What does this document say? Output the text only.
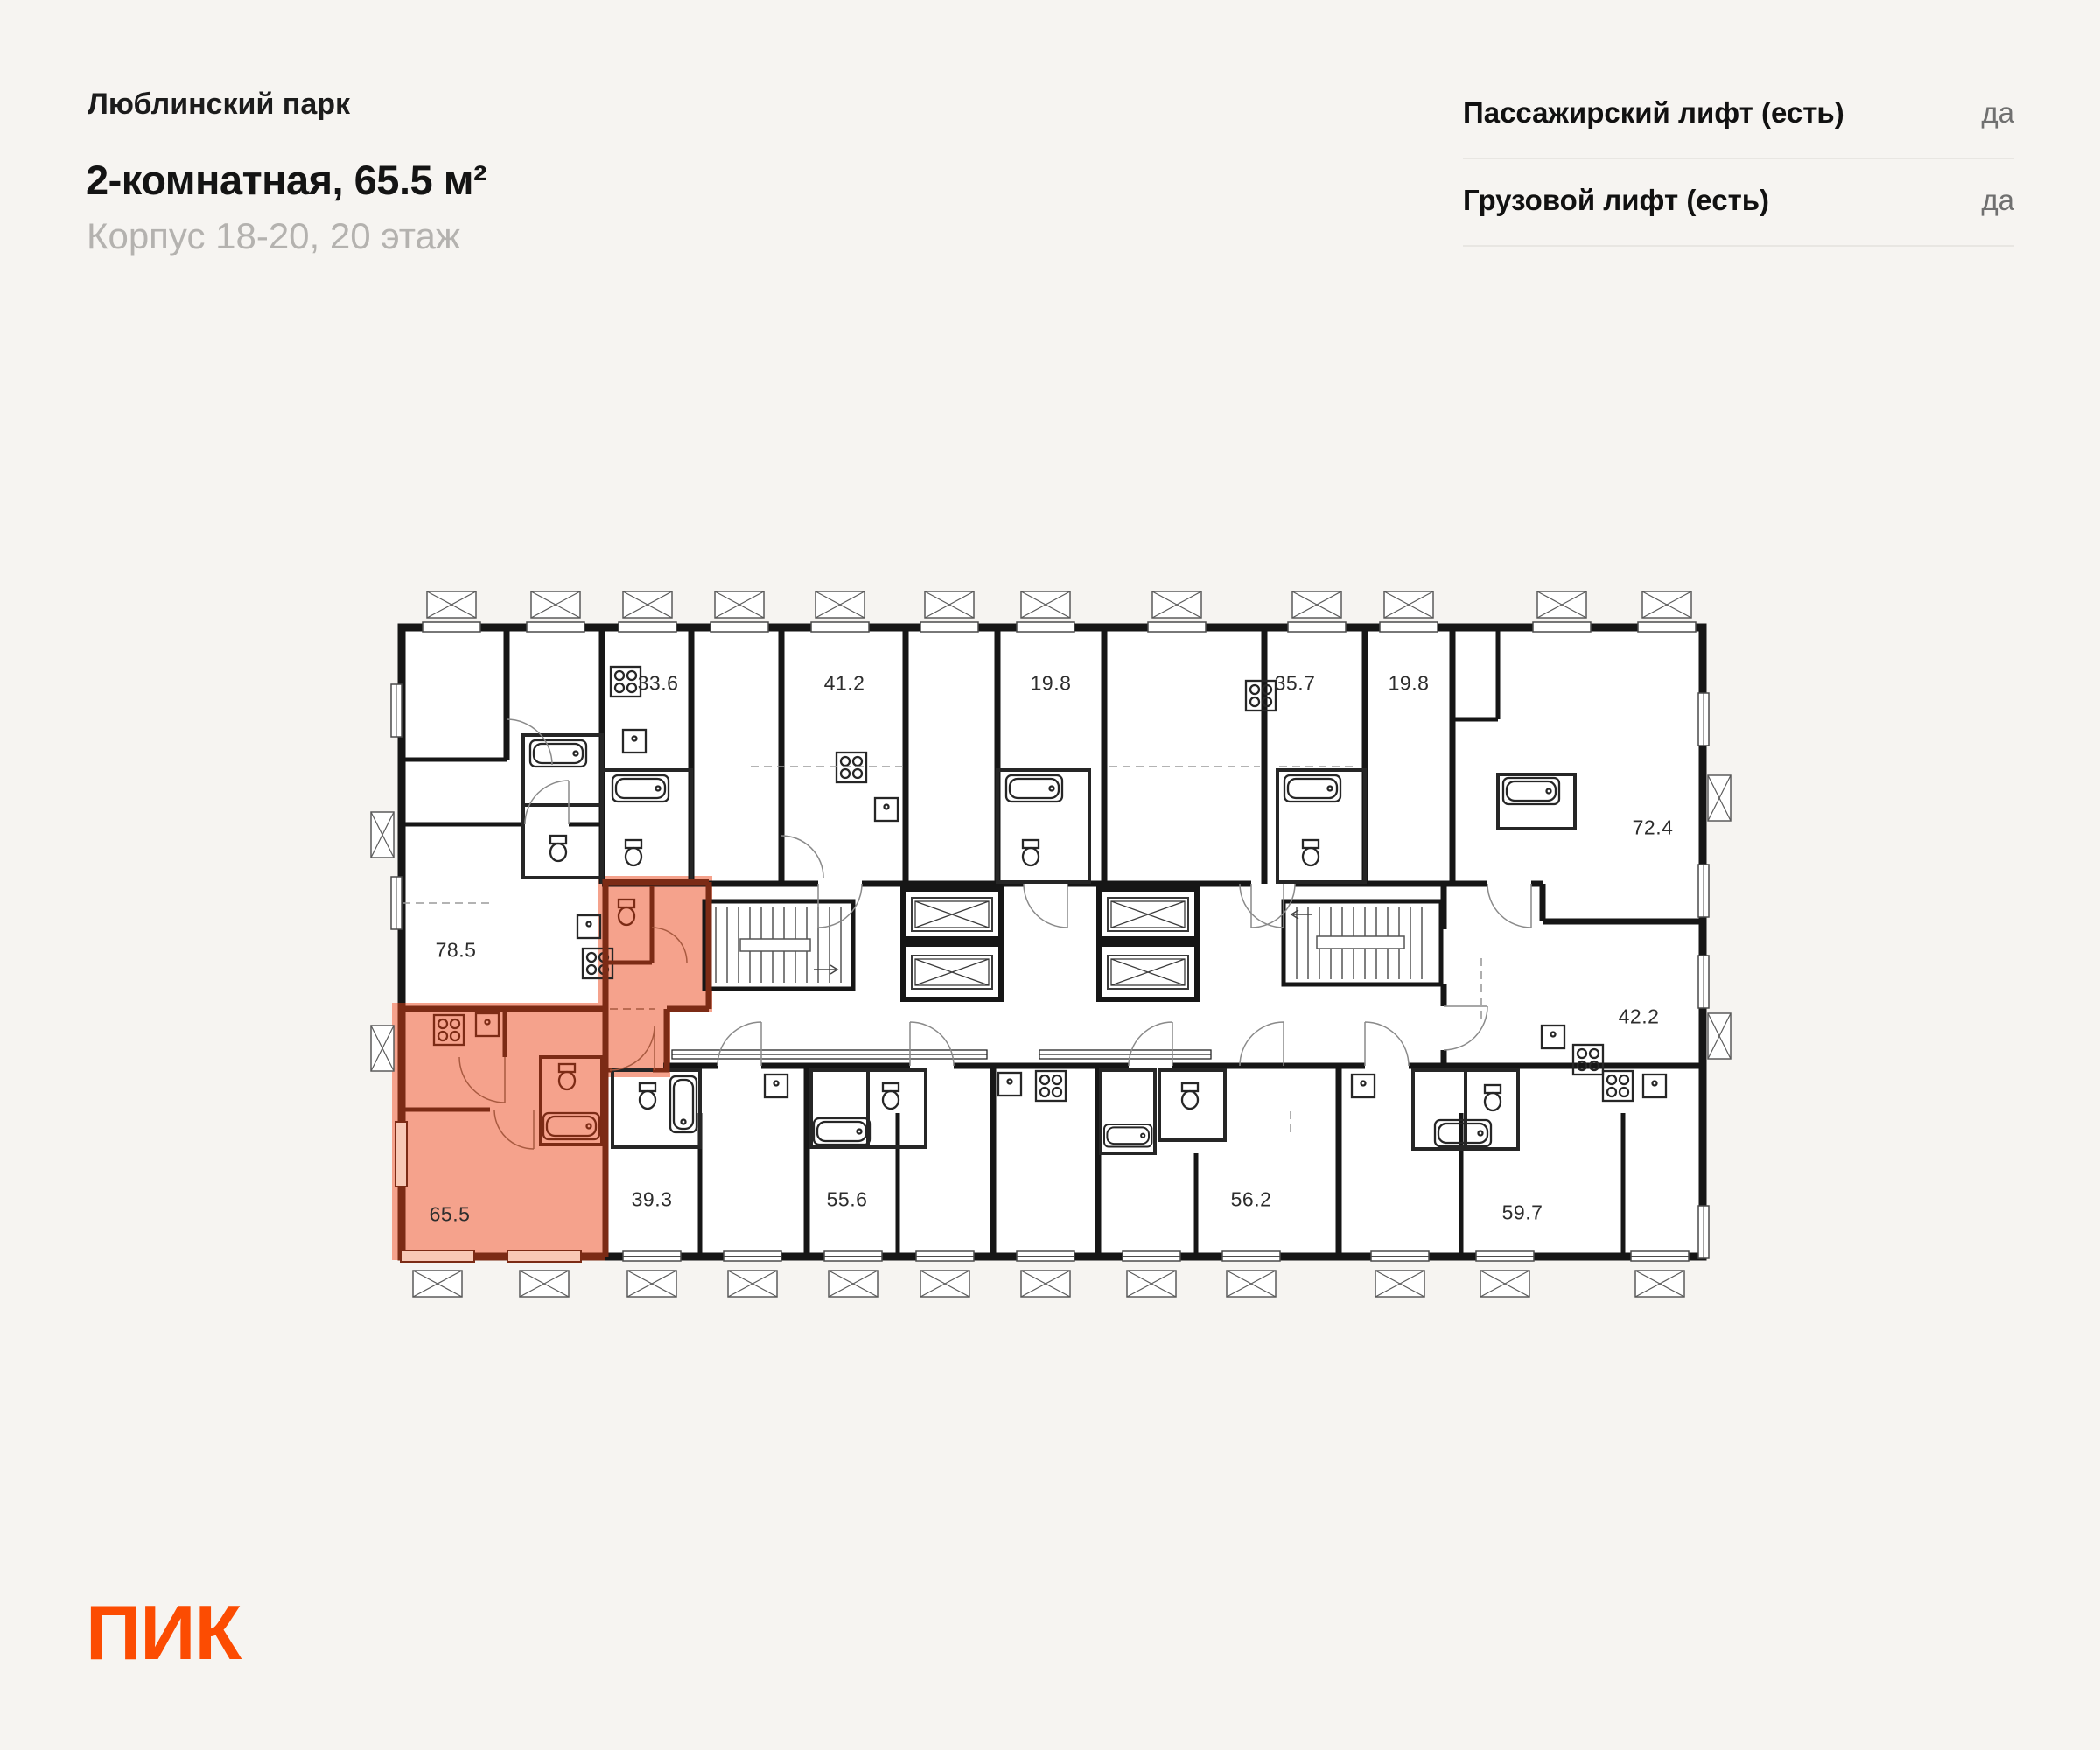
Люблинский парк
2-комнатная, 65.5 м²
Корпус 18-20, 20 этаж
Пассажирский лифт (есть)	да
Грузовой лифт (есть)	да
33.6	41.2	19.8	35.7	19.8
72.4
78.5
42.2
65.5
39.3	55.6	56.2
59.7
ПИК
